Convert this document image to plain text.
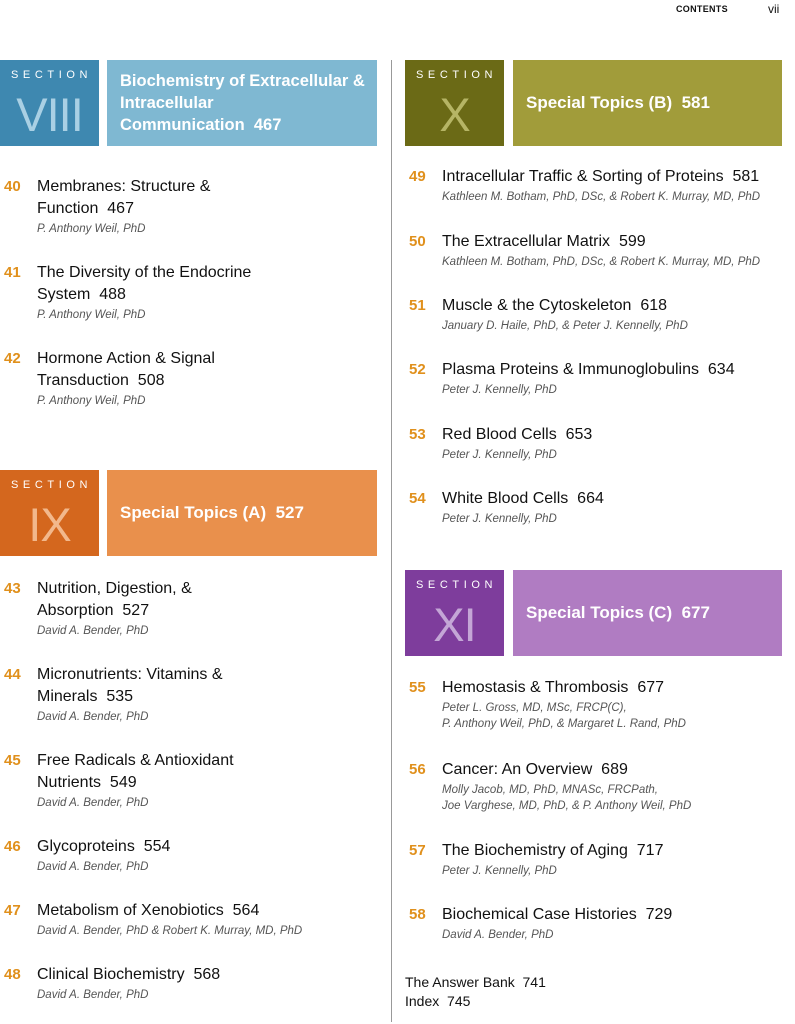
CONTENTS	vii
SECTION
VIII
Biochemistry of Extracellular & Intracellular Communication 467
SECTION
IX	Special Topics (A) 527
SECTION
X	Special Topics (B) 581
SECTION
XI	Special Topics (C) 677
40	Membranes: Structure & Function 467
P. Anthony Weil, PhD
41	The Diversity of the Endocrine System 488
P. Anthony Weil, PhD
42	Hormone Action & Signal Transduction 508
P. Anthony Weil, PhD
43	Nutrition, Digestion, & Absorption 527
David A. Bender, PhD
44	Micronutrients: Vitamins & Minerals 535
David A. Bender, PhD
45	Free Radicals & Antioxidant Nutrients 549
David A. Bender, PhD
46	Glycoproteins 554
David A. Bender, PhD
47	Metabolism of Xenobiotics 564
David A. Bender, PhD & Robert K. Murray, MD, PhD
48	Clinical Biochemistry 568
David A. Bender, PhD
49	Intracellular Traffic & Sorting of Proteins 581
Kathleen M. Botham, PhD, DSc, & Robert K. Murray, MD, PhD
50	The Extracellular Matrix 599
Kathleen M. Botham, PhD, DSc, & Robert K. Murray, MD, PhD
51	Muscle & the Cytoskeleton 618
January D. Haile, PhD, & Peter J. Kennelly, PhD
52	Plasma Proteins & Immunoglobulins 634
Peter J. Kennelly, PhD
53	Red Blood Cells 653
Peter J. Kennelly, PhD
54	White Blood Cells 664
Peter J. Kennelly, PhD
55	Hemostasis & Thrombosis 677
Peter L. Gross, MD, MSc, FRCP(C),
P. Anthony Weil, PhD, & Margaret L. Rand, PhD
56	Cancer: An Overview 689
Molly Jacob, MD, PhD, MNASc, FRCPath,
Joe Varghese, MD, PhD, & P. Anthony Weil, PhD
57	The Biochemistry of Aging 717
Peter J. Kennelly, PhD
58	Biochemical Case Histories 729
David A. Bender, PhD
The Answer Bank 741
Index 745
